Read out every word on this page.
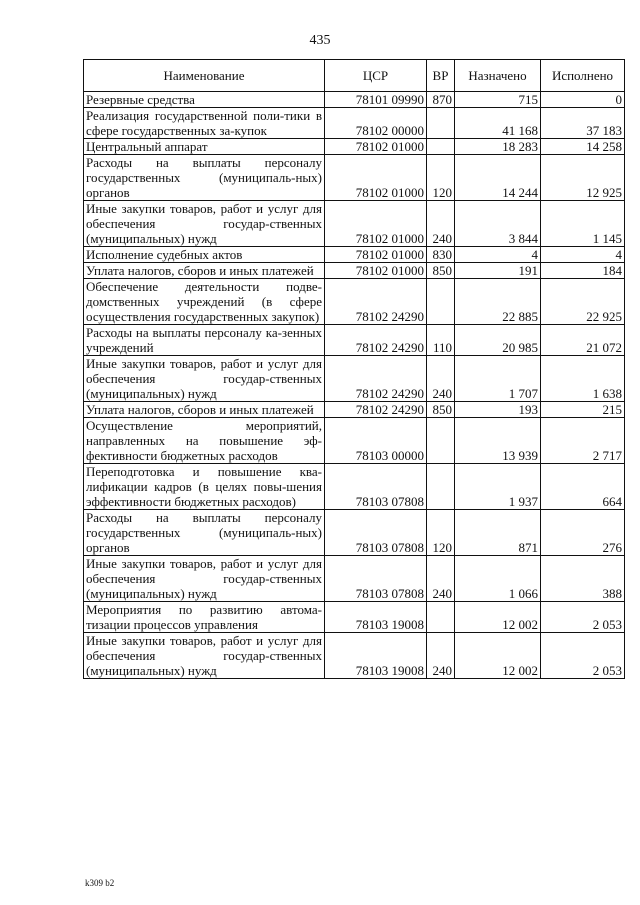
435
Наименование	ЦСР	ВР	Назначено	Исполнено
Резервные средства	78101 09990	870	715	0
Реализация государственной поли-тики в сфере государственных за-купок	78102 00000		41 168	37 183
Центральный аппарат	78102 01000		18 283	14 258
Расходы на выплаты персоналу государственных (муниципаль-ных) органов	78102 01000	120	14 244	12 925
Иные закупки товаров, работ и услуг для обеспечения государ-ственных (муниципальных) нужд	78102 01000	240	3 844	1 145
Исполнение судебных актов	78102 01000	830	4	4
Уплата налогов, сборов и иных платежей	78102 01000	850	191	184
Обеспечение деятельности подве-домственных учреждений (в сфере осуществления государственных закупок)	78102 24290		22 885	22 925
Расходы на выплаты персоналу ка-зенных учреждений	78102 24290	110	20 985	21 072
Иные закупки товаров, работ и услуг для обеспечения государ-ственных (муниципальных) нужд	78102 24290	240	1 707	1 638
Уплата налогов, сборов и иных платежей	78102 24290	850	193	215
Осуществление мероприятий, направленных на повышение эф-фективности бюджетных расходов	78103 00000		13 939	2 717
Переподготовка и повышение ква-лификации кадров (в целях повы-шения эффективности бюджетных расходов)	78103 07808		1 937	664
Расходы на выплаты персоналу государственных (муниципаль-ных) органов	78103 07808	120	871	276
Иные закупки товаров, работ и услуг для обеспечения государ-ственных (муниципальных) нужд	78103 07808	240	1 066	388
Мероприятия по развитию автома-тизации процессов управления	78103 19008		12 002	2 053
Иные закупки товаров, работ и услуг для обеспечения государ-ственных (муниципальных) нужд	78103 19008	240	12 002	2 053
k309 b2
